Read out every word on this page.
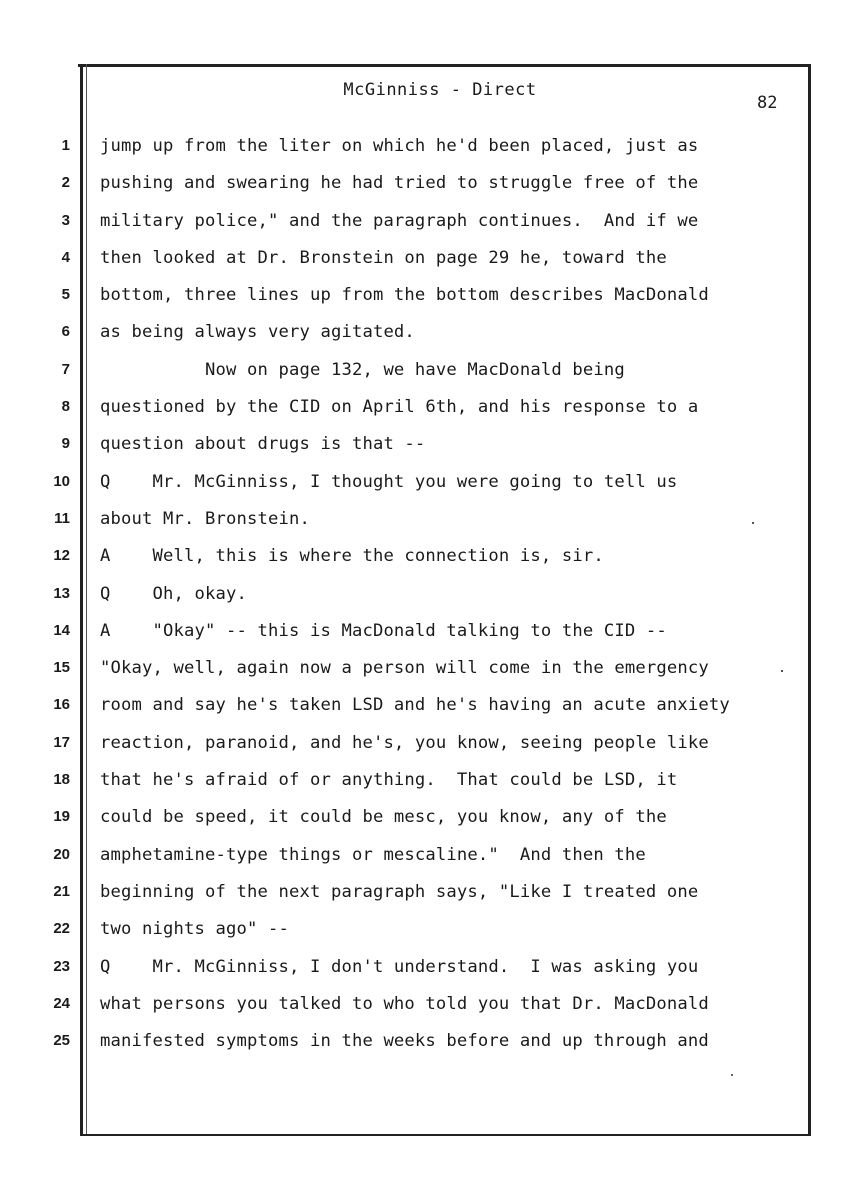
McGinniss - Direct
82
1
2
3
4
5
6
7
8
9
10
11
12
13
14
15
16
17
18
19
20
21
22
23
24
25
jump up from the liter on which he'd been placed, just as
pushing and swearing he had tried to struggle free of the
military police," and the paragraph continues.  And if we
then looked at Dr. Bronstein on page 29 he, toward the
bottom, three lines up from the bottom describes MacDonald
as being always very agitated.
Now on page 132, we have MacDonald being
questioned by the CID on April 6th, and his response to a
question about drugs is that --
Q    Mr. McGinniss, I thought you were going to tell us
about Mr. Bronstein.
A    Well, this is where the connection is, sir.
Q    Oh, okay.
A    "Okay" -- this is MacDonald talking to the CID --
"Okay, well, again now a person will come in the emergency
room and say he's taken LSD and he's having an acute anxiety
reaction, paranoid, and he's, you know, seeing people like
that he's afraid of or anything.  That could be LSD, it
could be speed, it could be mesc, you know, any of the
amphetamine-type things or mescaline."  And then the
beginning of the next paragraph says, "Like I treated one
two nights ago" --
Q    Mr. McGinniss, I don't understand.  I was asking you
what persons you talked to who told you that Dr. MacDonald
manifested symptoms in the weeks before and up through and
